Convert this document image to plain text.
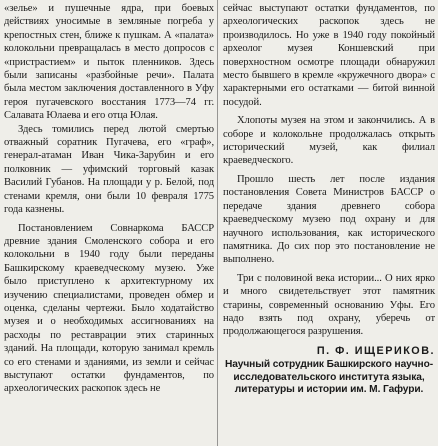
«зелье» и пушечные ядра, при боевых действиях уносимые в земляные погреба у крепостных стен, ближе к пушкам. А «палата» колокольни превращалась в место допросов с «пристрастием» и пыток пленников. Здесь были записаны «разбойные речи». Палата была местом заключения доставленного в Уфу героя пугачевского восстания 1773—74 гг. Салавата Юлаева и его отца Юлая.

Здесь томились перед лютой смертью отважный соратник Пугачева, его «граф», генерал-атаман Иван Чика-Зарубин и его полковник — уфимский торговый казак Василий Губанов. На площади у р. Белой, под стенами кремля, они были 10 февраля 1775 года казнены.

Постановлением Совнаркома БАССР древние здания Смоленского собора и его колокольни в 1940 году были переданы Башкирскому краеведческому музею. Уже было приступлено к архитектурному их изучению специалистами, проведен обмер и оценка, сделаны чертежи. Было ходатайство музея и о необходимых ассигнованиях на расходы по реставрации этих старинных зданий. На площади, которую занимал кремль со его стенами и зданиями, из земли и сейчас выступают остатки фундаментов, по археологических раскопок здесь не

сейчас выступают остатки фундаментов, по археологических раскопок здесь не производилось. Но уже в 1940 году покойный археолог музея Коншевский при поверхностном осмотре площади обнаружил место бывшего в кремле «кружечного двора» с характерными его остатками — битой винной посудой.

Хлопоты музея на этом и закончились. А в соборе и колокольне продолжалась открыть исторический музей, как филиал краеведческого.

Прошло шесть лет после издания постановления Совета Министров БАССР о передаче здания древнего собора краеведческому музею под охрану и для научного использования, как исторического памятника. До сих пор это постановление не выполнено.

Три с половиной века истории... О них ярко и много свидетельствует этот памятник старины, современный основанию Уфы. Его надо взять под охрану, уберечь от продолжающегося разрушения.

П. Ф. ИЩЕРИКОВ.
Научный сотрудник Башкирского научно-исследовательского института языка, литературы и истории им. М. Гафури.
